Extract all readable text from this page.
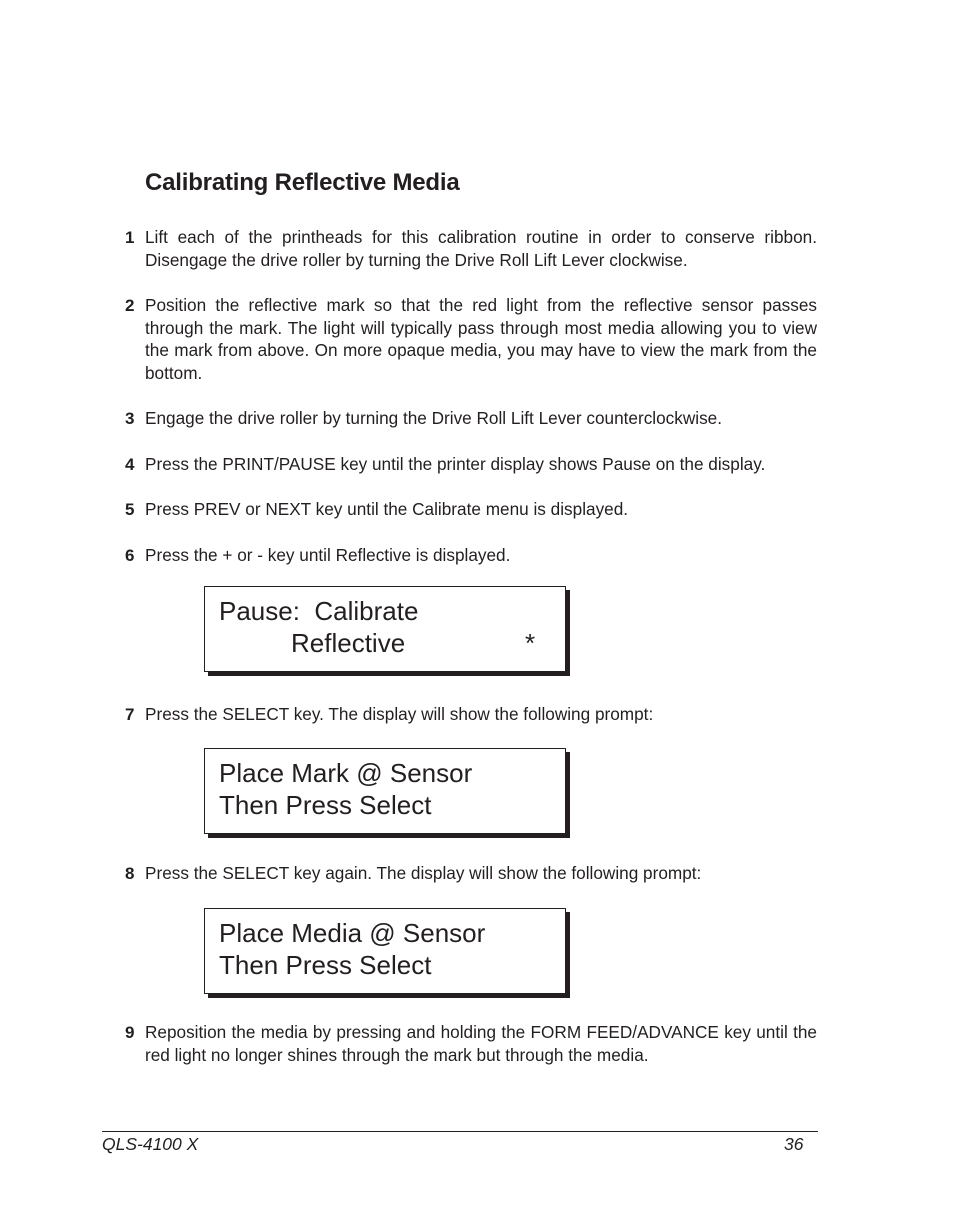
Calibrating Reflective Media
1 Lift each of the printheads for this calibration routine in order to conserve ribbon. Disengage the drive roller by turning the Drive Roll Lift Lever clockwise.
2 Position the reflective mark so that the red light from the reflective sensor passes through the mark. The light will typically pass through most media allowing you to view the mark from above. On more opaque media, you may have to view the mark from the bottom.
3 Engage the drive roller by turning the Drive Roll Lift Lever counterclockwise.
4 Press the PRINT/PAUSE key until the printer display shows Pause on the display.
5 Press PREV or NEXT key until the Calibrate menu is displayed.
6 Press the + or - key until Reflective is displayed.
Pause:  Calibrate
Reflective	*
7 Press the SELECT key. The display will show the following prompt:
Place Mark @ Sensor
Then Press Select
8 Press the SELECT key again. The display will show the following prompt:
Place Media @ Sensor
Then Press Select
9 Reposition the media by pressing and holding the FORM FEED/ADVANCE key until the red light no longer shines through the mark but through the media.
QLS-4100 X	36
